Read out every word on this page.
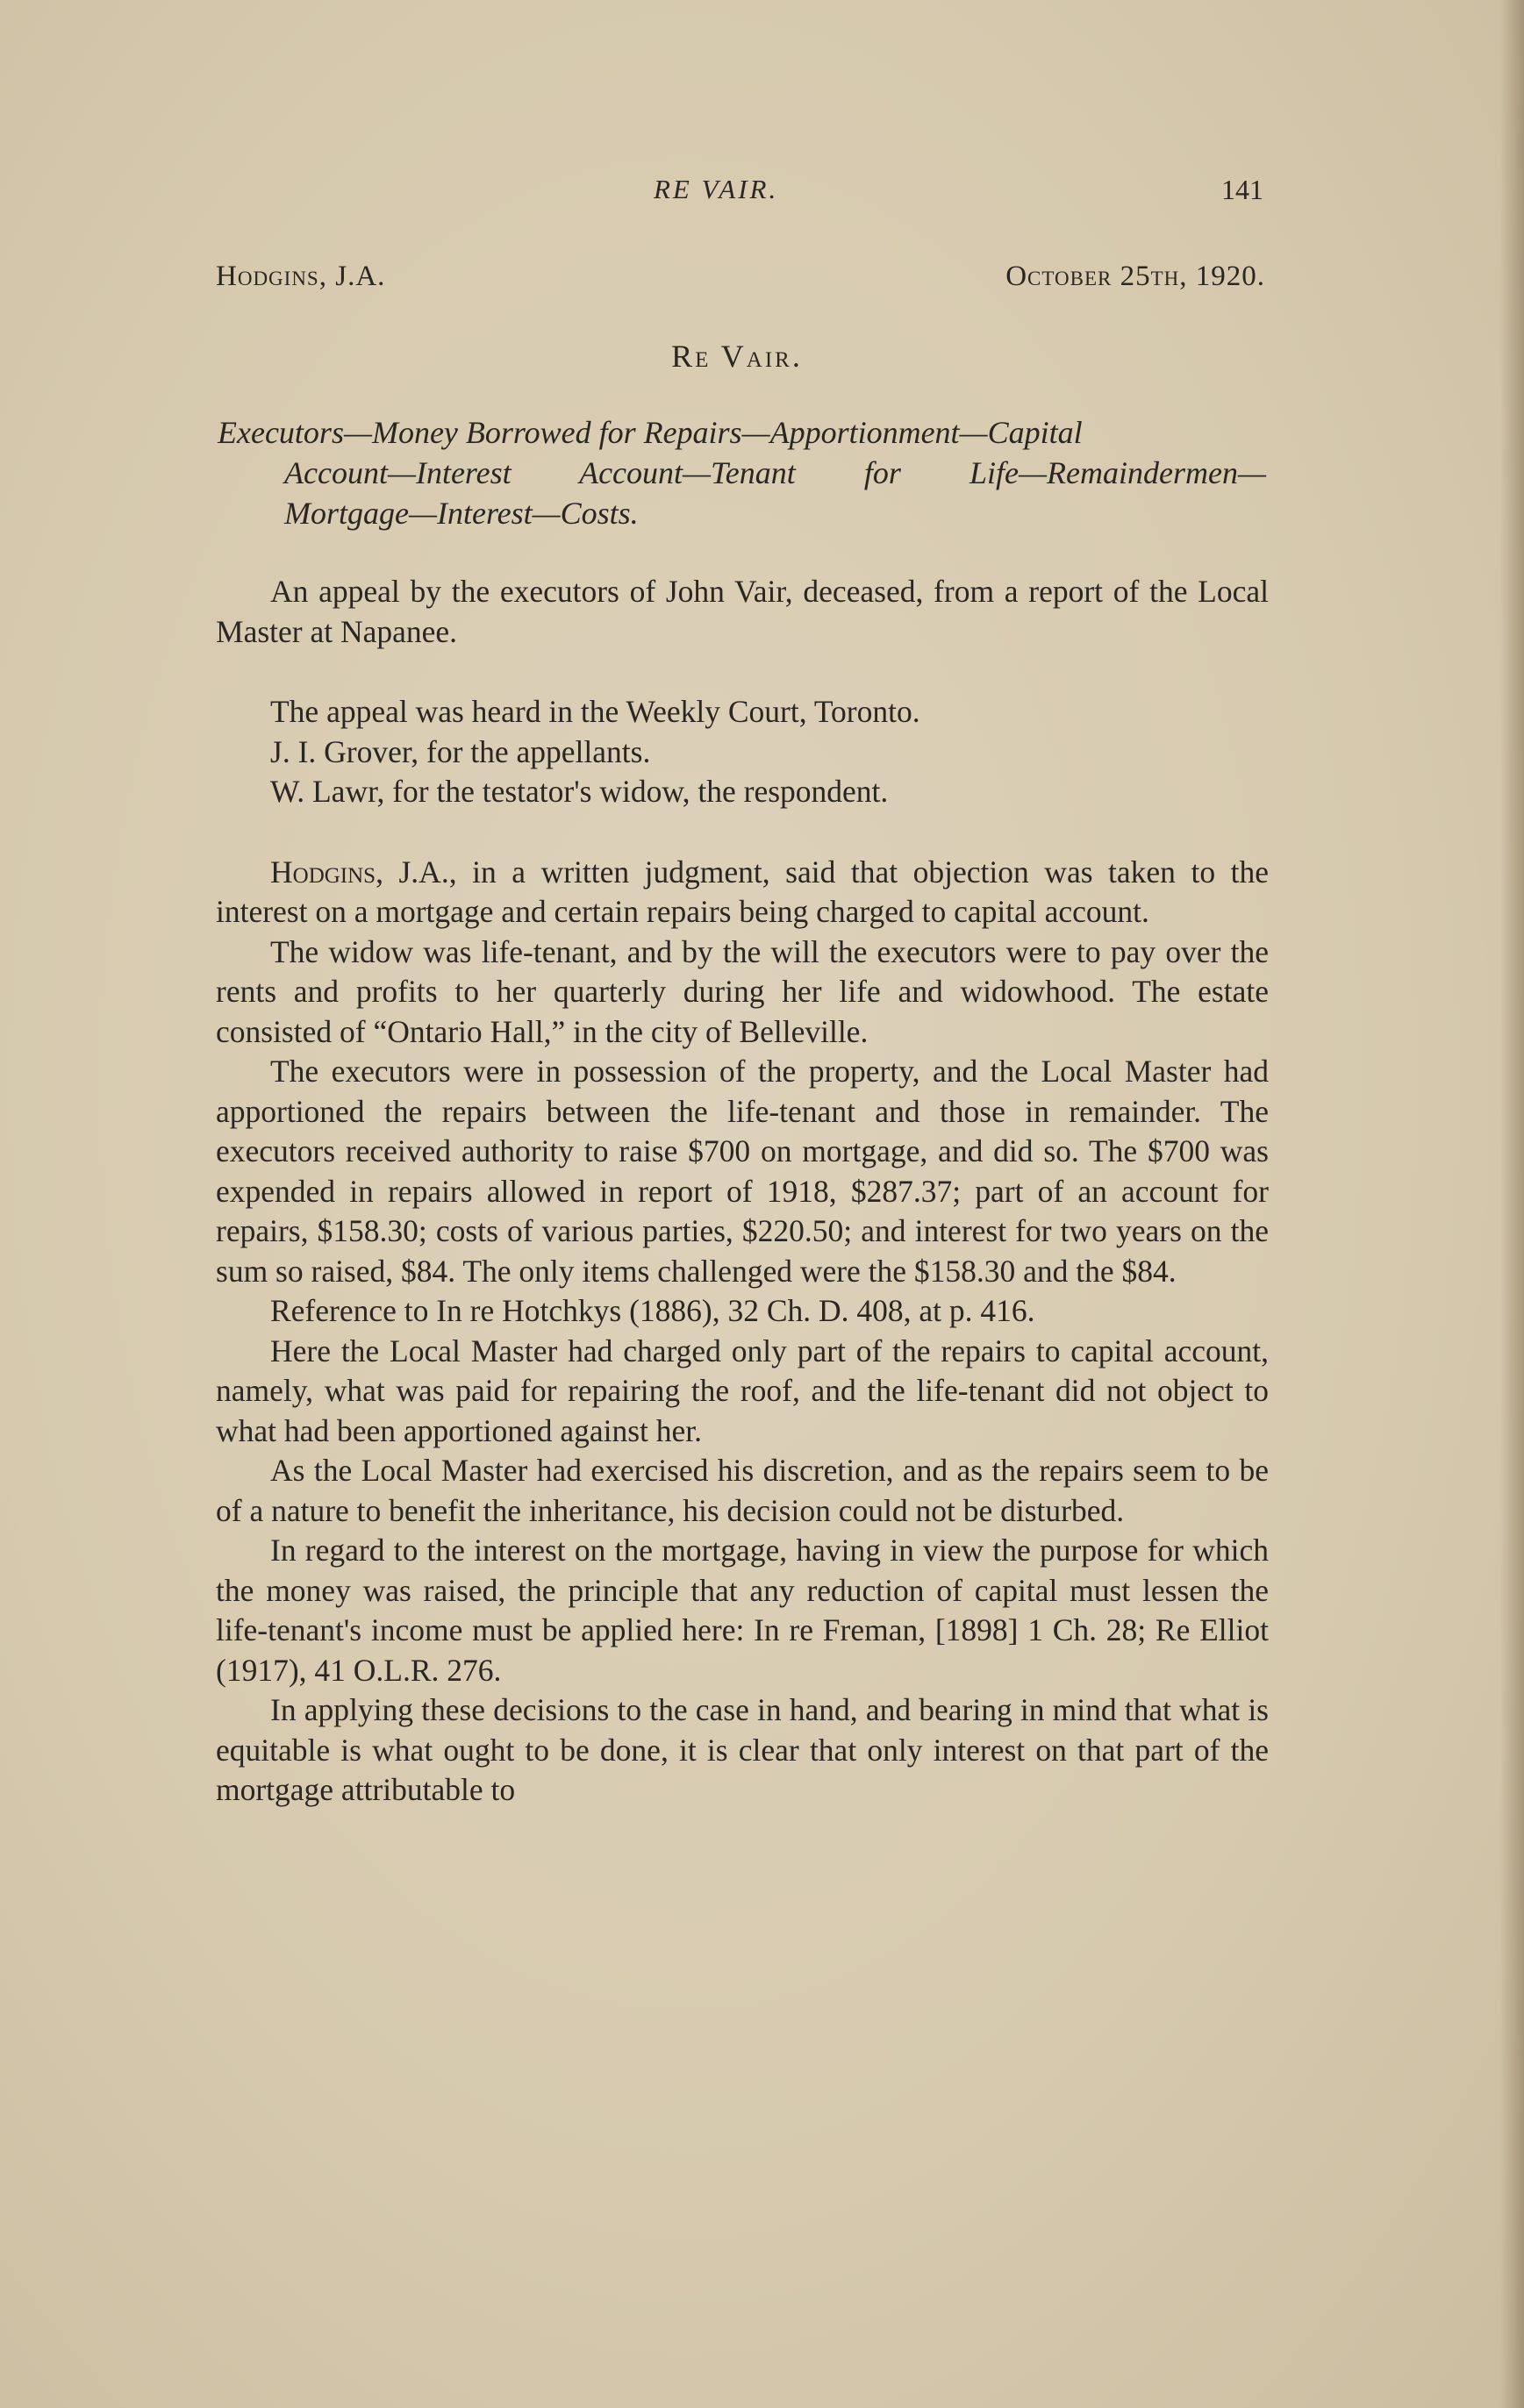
RE VAIR.	141
Hodgins, J.A.	October 25th, 1920.
Re Vair.
Executors—Money Borrowed for Repairs—Apportionment—Capital
Account—Interest Account—Tenant for Life—Remaindermen—
Mortgage—Interest—Costs.

An appeal by the executors of John Vair, deceased, from a report of the Local Master at Napanee.

The appeal was heard in the Weekly Court, Toronto.

J. I. Grover, for the appellants.

W. Lawr, for the testator's widow, the respondent.

Hodgins, J.A., in a written judgment, said that objection was taken to the interest on a mortgage and certain repairs being charged to capital account.

The widow was life-tenant, and by the will the executors were to pay over the rents and profits to her quarterly during her life and widowhood. The estate consisted of “Ontario Hall,” in the city of Belleville.

The executors were in possession of the property, and the Local Master had apportioned the repairs between the life-tenant and those in remainder. The executors received authority to raise $700 on mortgage, and did so. The $700 was expended in repairs allowed in report of 1918, $287.37; part of an account for repairs, $158.30; costs of various parties, $220.50; and interest for two years on the sum so raised, $84. The only items challenged were the $158.30 and the $84.

Reference to In re Hotchkys (1886), 32 Ch. D. 408, at p. 416.

Here the Local Master had charged only part of the repairs to capital account, namely, what was paid for repairing the roof, and the life-tenant did not object to what had been apportioned against her.

As the Local Master had exercised his discretion, and as the repairs seem to be of a nature to benefit the inheritance, his decision could not be disturbed.

In regard to the interest on the mortgage, having in view the purpose for which the money was raised, the principle that any reduction of capital must lessen the life-tenant's income must be applied here: In re Freman, [1898] 1 Ch. 28; Re Elliot (1917), 41 O.L.R. 276.

In applying these decisions to the case in hand, and bearing in mind that what is equitable is what ought to be done, it is clear that only interest on that part of the mortgage attributable to
